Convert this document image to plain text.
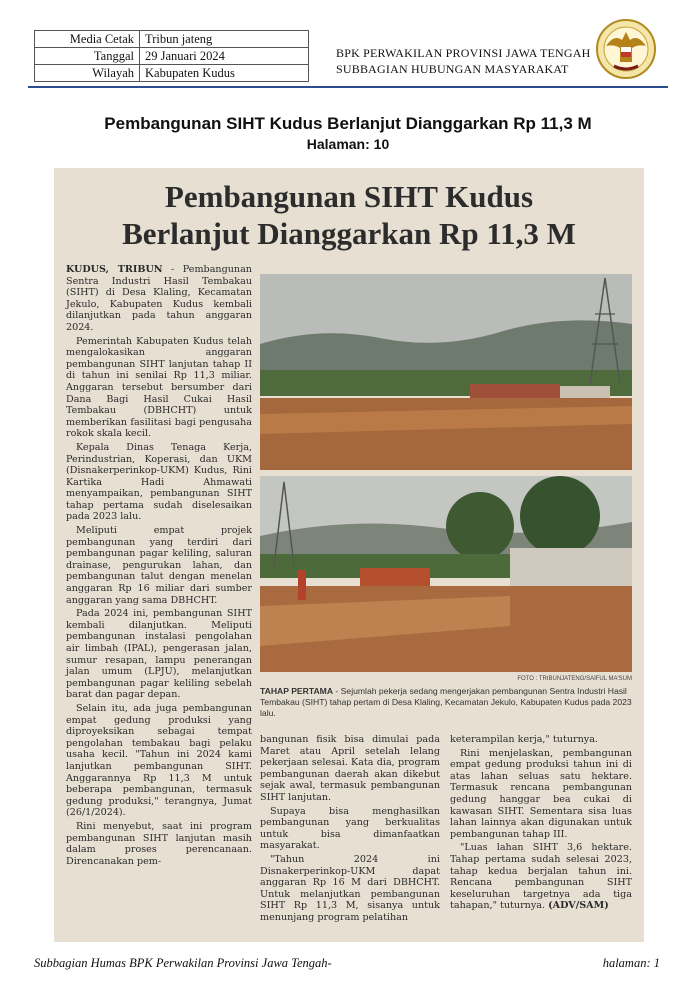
Media Cetak	Tribun jateng
Tanggal	29 Januari 2024
Wilayah	Kabupaten Kudus
BPK PERWAKILAN PROVINSI JAWA TENGAH
SUBBAGIAN HUBUNGAN MASYARAKAT
Pembangunan SIHT Kudus Berlanjut Dianggarkan Rp 11,3 M
Halaman: 10
Pembangunan SIHT Kudus
Berlanjut Dianggarkan Rp 11,3 M

KUDUS, TRIBUN - Pembangunan Sentra Industri Hasil Tembakau (SIHT) di Desa Klaling, Kecamatan Jekulo, Kabupaten Kudus kembali dilanjutkan pada tahun anggaran 2024.

Pemerintah Kabupaten Kudus telah mengalokasikan anggaran pembangunan SIHT lanjutan tahap II di tahun ini senilai Rp 11,3 miliar. Anggaran tersebut bersumber dari Dana Bagi Hasil Cukai Hasil Tembakau (DBHCHT) untuk memberikan fasilitasi bagi pengusaha rokok skala kecil.

Kepala Dinas Tenaga Kerja, Perindustrian, Koperasi, dan UKM (Disnakerperinkop-UKM) Kudus, Rini Kartika Hadi Ahmawati menyampaikan, pembangunan SIHT tahap pertama sudah diselesaikan pada 2023 lalu.

Meliputi empat projek pembangunan yang terdiri dari pembangunan pagar keliling, saluran drainase, pengurukan lahan, dan pembangunan talut dengan menelan anggaran Rp 16 miliar dari sumber anggaran yang sama DBHCHT.

Pada 2024 ini, pembangunan SIHT kembali dilanjutkan. Meliputi pembangunan instalasi pengolahan air limbah (IPAL), pengerasan jalan, sumur resapan, lampu penerangan jalan umum (LPJU), melanjutkan pembangunan pagar keliling sebelah barat dan pagar depan.

Selain itu, ada juga pembangunan empat gedung produksi yang diproyeksikan sebagai tempat pengolahan tembakau bagi pelaku usaha kecil. "Tahun ini 2024 kami lanjutkan pembangunan SIHT. Anggarannya Rp 11,3 M untuk beberapa pembangunan, termasuk gedung produksi," terangnya, Jumat (26/1/2024).

Rini menyebut, saat ini program pembangunan SIHT lanjutan masih dalam proses perencanaan. Direncanakan pem-

FOTO : TRIBUNJATENG/SAIFUL MA'SUM
TAHAP PERTAMA - Sejumlah pekerja sedang mengerjakan pembangunan Sentra Industri Hasil Tembakau (SIHT) tahap pertam di Desa Klaling, Kecamatan Jekulo, Kabupaten Kudus pada 2023 lalu.

bangunan fisik bisa dimulai pada Maret atau April setelah lelang pekerjaan selesai. Kata dia, program pembangunan daerah akan dikebut sejak awal, termasuk pembangunan SIHT lanjutan.

Supaya bisa menghasilkan pembangunan yang berkualitas untuk bisa dimanfaatkan masyarakat.

"Tahun 2024 ini Disnakerperinkop-UKM dapat anggaran Rp 16 M dari DBHCHT. Untuk melanjutkan pembangunan SIHT Rp 11,3 M, sisanya untuk menunjang program pelatihan

keterampilan kerja," tuturnya.

Rini menjelaskan, pembangunan empat gedung produksi tahun ini di atas lahan seluas satu hektare. Termasuk rencana pembangunan gedung hanggar bea cukai di kawasan SIHT. Sementara sisa luas lahan lainnya akan digunakan untuk pembangunan tahap III.

"Luas lahan SIHT 3,6 hektare. Tahap pertama sudah selesai 2023, tahap kedua berjalan tahun ini. Rencana pembangunan SIHT keseluruhan targetnya ada tiga tahapan," tuturnya. (ADV/SAM)

Subbagian Humas BPK Perwakilan Provinsi Jawa Tengah-	halaman: 1
